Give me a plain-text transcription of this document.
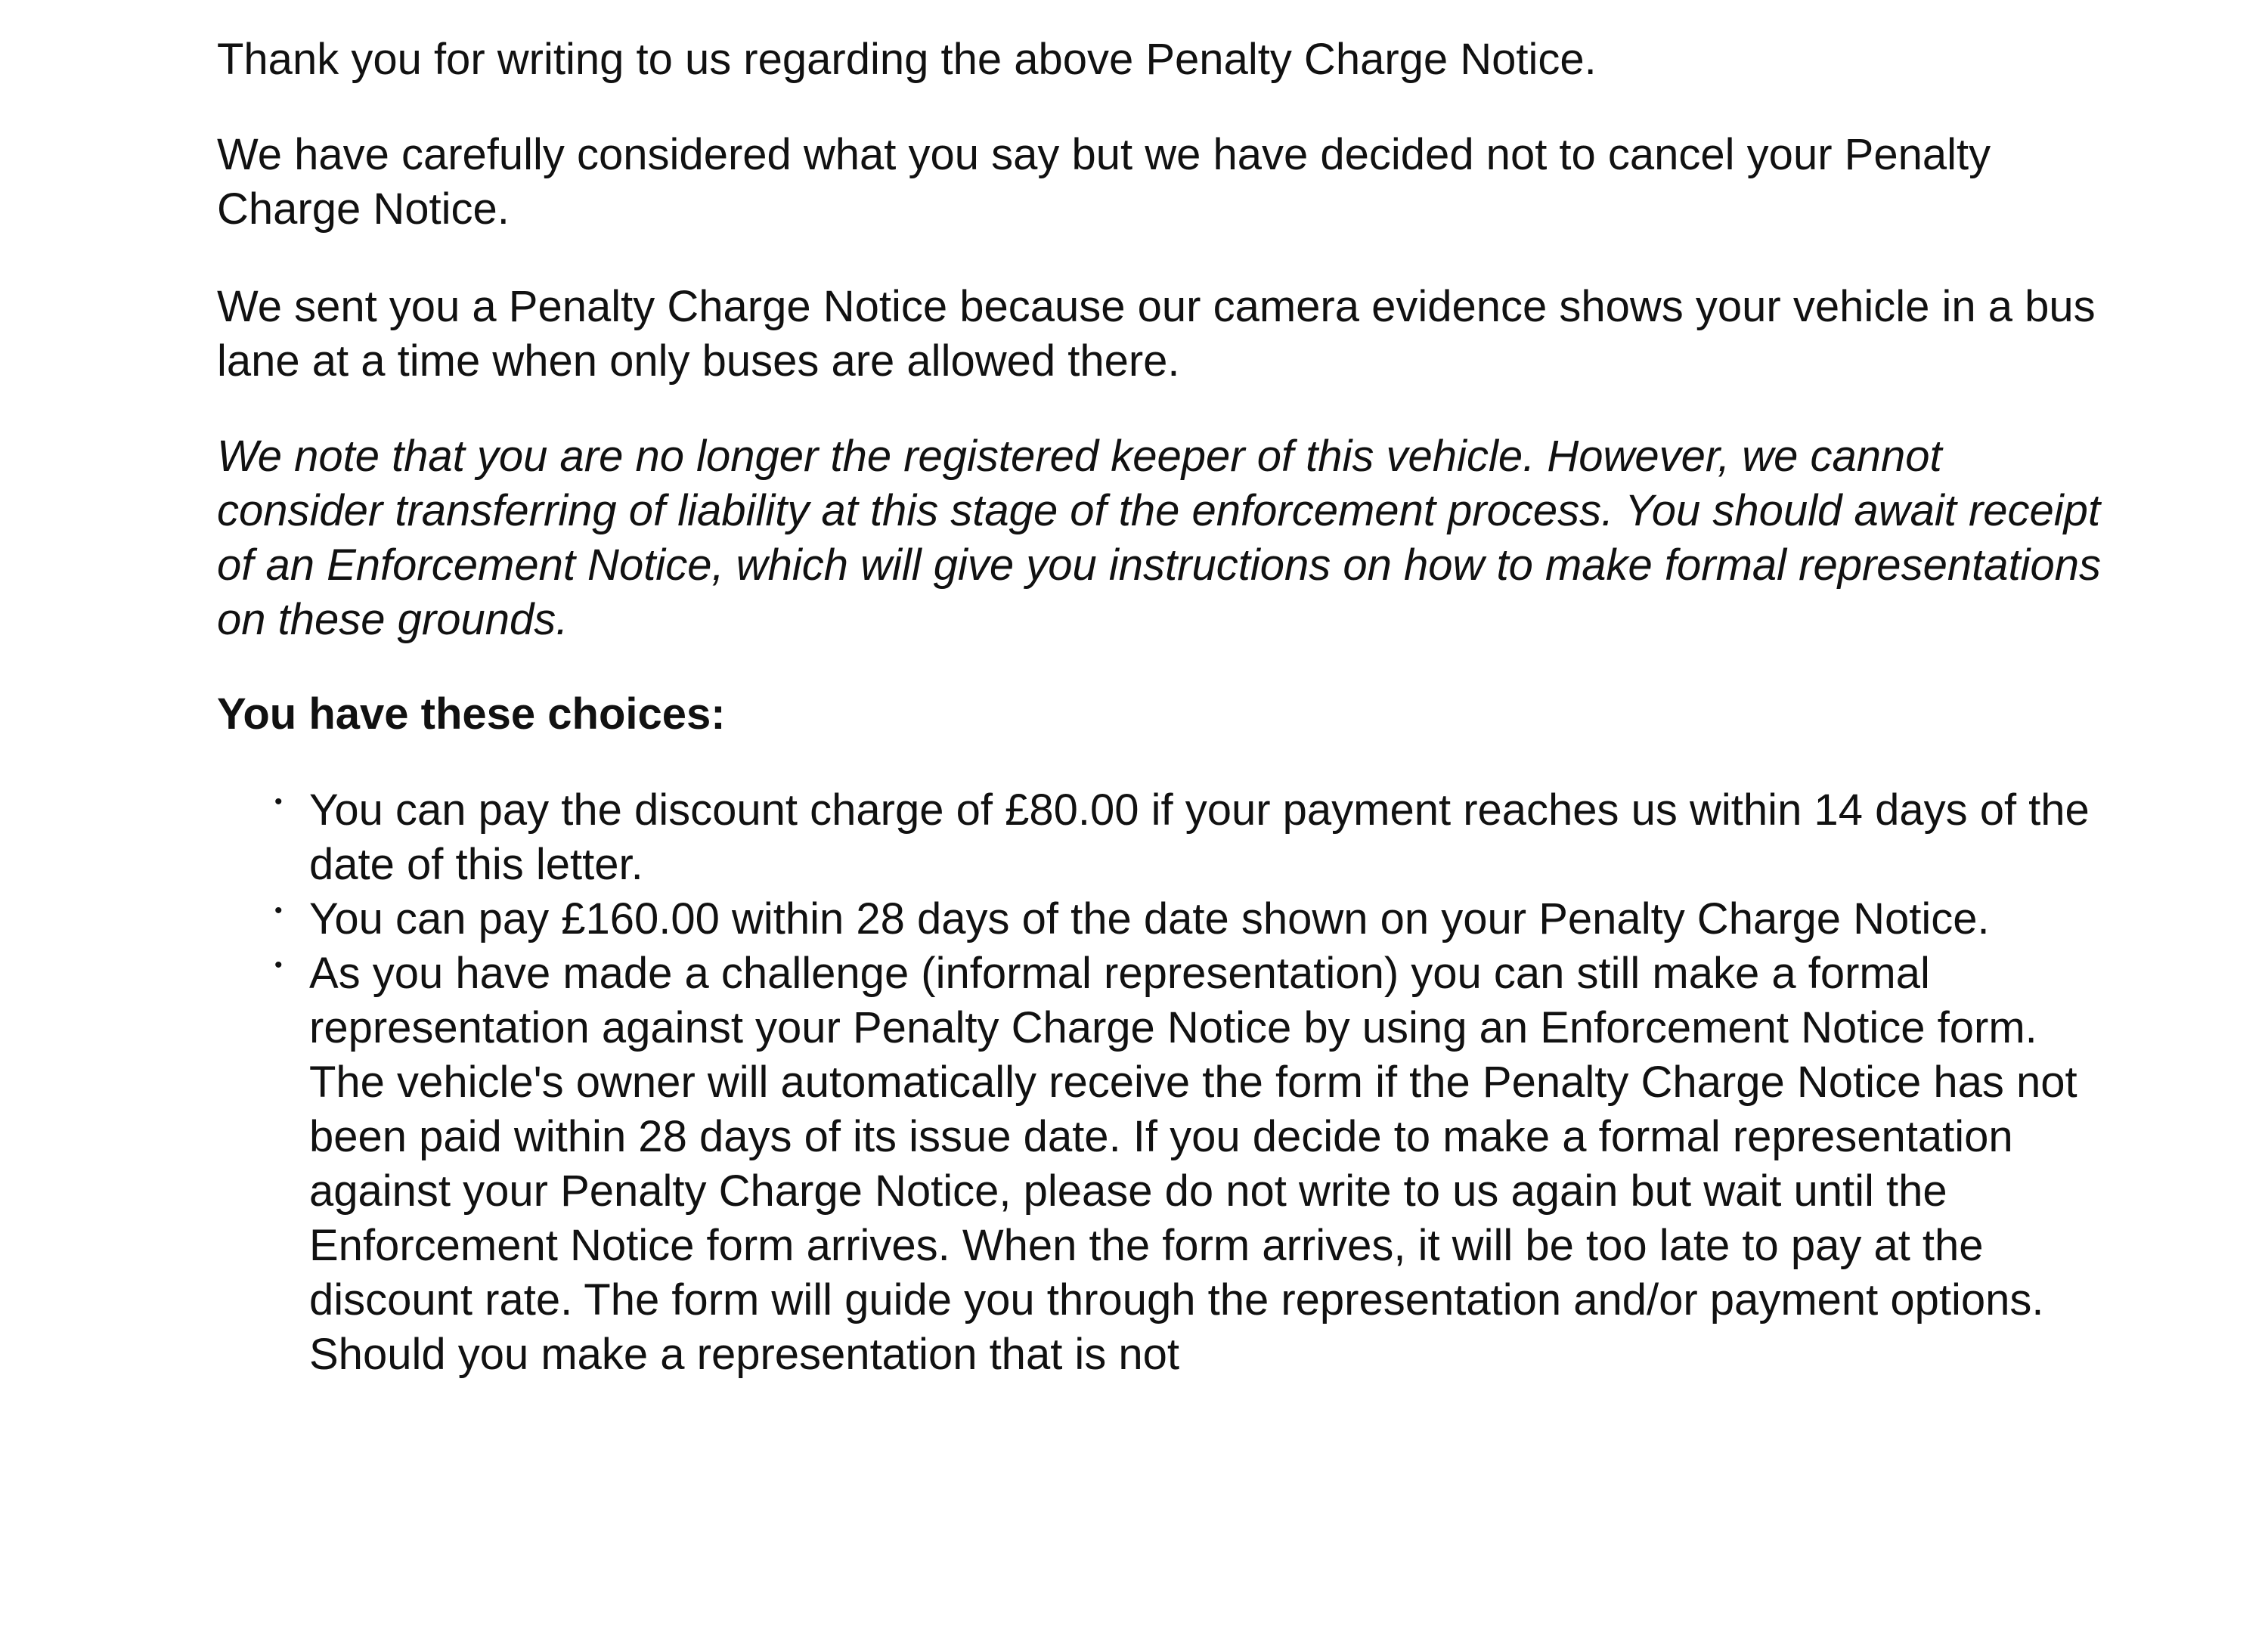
Thank you for writing to us regarding the above Penalty Charge Notice.

We have carefully considered what you say but we have decided not to cancel your Penalty Charge Notice.

We sent you a Penalty Charge Notice because our camera evidence shows your vehicle in a bus lane at a time when only buses are allowed there.

We note that you are no longer the registered keeper of this vehicle. However, we cannot consider transferring of liability at this stage of the enforcement process. You should await receipt of an Enforcement Notice, which will give you instructions on how to make formal representations on these grounds.

You have these choices:
• You can pay the discount charge of £80.00 if your payment reaches us within 14 days of the date of this letter.
• You can pay £160.00 within 28 days of the date shown on your Penalty Charge Notice.
• As you have made a challenge (informal representation) you can still make a formal representation against your Penalty Charge Notice by using an Enforcement Notice form. The vehicle's owner will automatically receive the form if the Penalty Charge Notice has not been paid within 28 days of its issue date. If you decide to make a formal representation against your Penalty Charge Notice, please do not write to us again but wait until the Enforcement Notice form arrives. When the form arrives, it will be too late to pay at the discount rate. The form will guide you through the representation and/or payment options. Should you make a representation that is not
